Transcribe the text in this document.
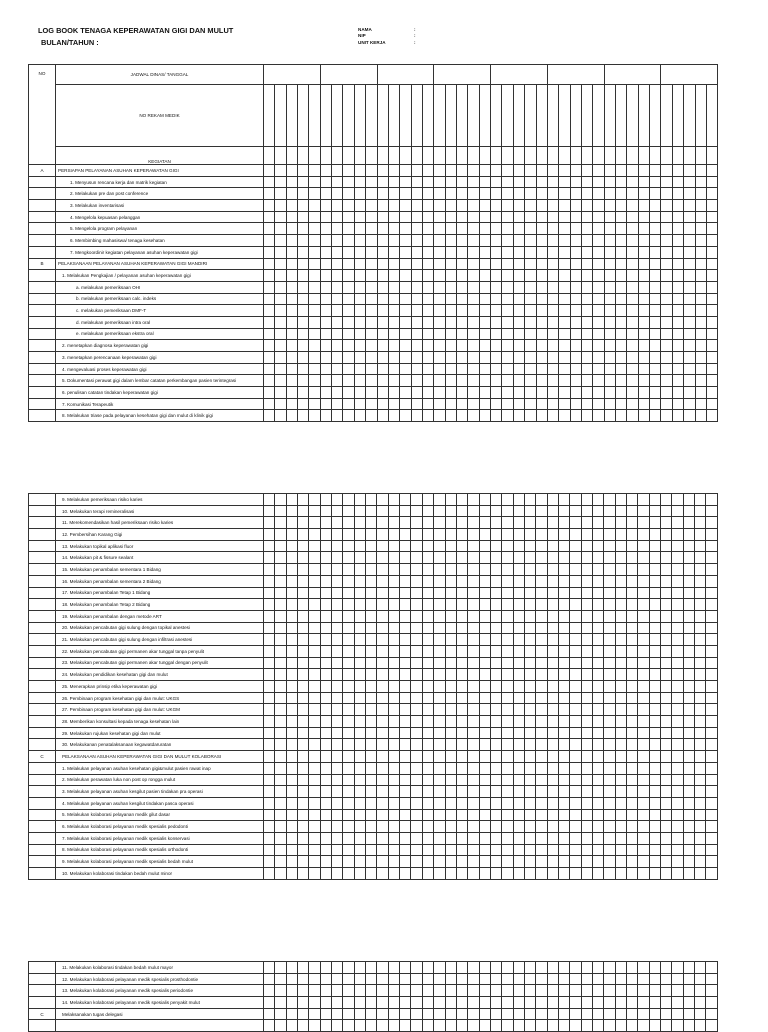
LOG BOOK TENAGA KEPERAWATAN GIGI DAN MULUT
BULAN/TAHUN :
NAMA	:
NIP	:
UNIT KERJA	:
NO	JADWAL DINAS/ TANGGAL																																								
	NO REKAM MEDIK																																								
	KEGIATAN																																								
A	PERSIAPAN PELAYANAN ASUHAN KEPERAWATAN GIGI																																								
	1. Menyusun rencana kerja dan matrik kegiatan																																								
	2. Melakukan pre dan post conference																																								
	3. Melakukan inventarisasi																																								
	4. Mengelola kepuasan pelanggan																																								
	5. Mengelola program pelayanan																																								
	6. Membimbing mahasiswa/ tenaga kesehatan																																								
	7. Mengkoordinir kegiatan pelayanan asuhan keperawatan gigi																																								
B	PELAKSANAAN PELAYANAN ASUHAN KEPERAWATAN GIGI MANDIRI																																								
	1. Melakukan Pengkajian / pelayanan asuhan keperawatan gigi																																								
	a. melakukan pemeriksaan OHI																																								
	b. melakukan pemeriksaan calc. indeks																																								
	c. melakukan pemeriksaan DMF-T																																								
	d. melakukan pemeriksaan intra oral																																								
	e. melakukan pemeriksaan ekstra oral																																								
	2. menetapkan diagnosa keperawatan gigi																																								
	3. menetapkan perencanaan keperawatan gigi																																								
	4. mengevaluasi proses keperawatan gigi																																								
	5. Dokumentasi perawat gigi dalam lembar catatan perkembangan pasien terintegrasi																																								
	6. penulisan catatan tindakan keperawatan gigi																																								
	7. Komunikasi Terapeutik																																								
	8. Melakukan triase pada pelayanan kesehatan gigi dan mulut di klinik gigi																																								
	9. Melakukan pemeriksaan risiko karies																																								
	10. Melakukan terapi remineralisasi																																								
	11. Merekomendasikan hasil pemeriksaan risiko karies																																								
	12. Pembersihan Karang Gigi																																								
	13. Melakukan topikal aplikasi fluor																																								
	14. Melakukan pit & fissure sealant																																								
	15. Melakukan penambalan sementara 1 Bidang																																								
	16. Melakukan penambalan sementara 2 Bidang																																								
	17. Melakukan penambalan Tetap 1 Bidang																																								
	18. Melakukan penambalan Tetap 2 Bidang																																								
	19. Melakukan penambalan dengan metode ART																																								
	20. Melakukan pencabutan gigi sulung dengan topikal anestesi																																								
	21. Melakukan pencabutan gigi sulung dengan infiltrasi anestesi																																								
	22. Melakukan pencabutan gigi permanen akar tunggal tanpa penyulit																																								
	23. Melakukan pencabutan gigi permanen akar tunggal dengan penyulit																																								
	24. Melakukan pendidikan kesehatan gigi dan mulut																																								
	25. Menerapkan prinsip etika keperawatan gigi																																								
	26. Pembinaan program kesehatan gigi dan mulut: UKGS																																								
	27. Pembinaan program kesehatan gigi dan mulut: UKGM																																								
	28. Memberikan konsultasi kepada tenaga kesehatan lain																																								
	29. Melakukan rujukan kesehatan gigi dan mulut																																								
	30. Melakukanan penatalaksanaan kegawatdaruratan																																								
C	PELAKSANAAN ASUHAN KEPERAWATAN GIGI DAN MULUT KOLABORASI																																								
	1. Melakukan pelayanan asuhan kesehatan gigi&mulut pasien rawat inap																																								
	2. Melakukan perawatan luka non post op rongga mulut																																								
	3. Melakukan pelayanan asuhan kesgilut pasien tindakan pra operasi																																								
	4. Melakukan pelayanan asuhan kesgilut tindakan pasca operasi																																								
	5. Melakukan kolaborasi pelayanan medik gilut dasar																																								
	6. Melakukan kolaborasi pelayanan medik spesialis pedodonti																																								
	7. Melakukan kolaborasi pelayanan medik spesialis konservasi																																								
	8. Melakukan kolaborasi pelayanan medik spesialis orthodonti																																								
	9. Melakukan kolaborasi pelayanan medik spesialis bedah mulut																																								
	10. Melakukan kolaborasi tindakan bedah mulut minor																																								
	11. Melakukan kolaborasi tindakan bedah mulut mayor																																								
	12. Melakukan kolaborasi pelayanan medik spesialis prosthodontie																																								
	13. Melakukan kolaborasi pelayanan medik spesialis periodontie																																								
	14. Melakukan kolaborasi pelayanan medik spesialis penyakit mulut																																								
C	Melaksanakan tugas delegasi																																								
